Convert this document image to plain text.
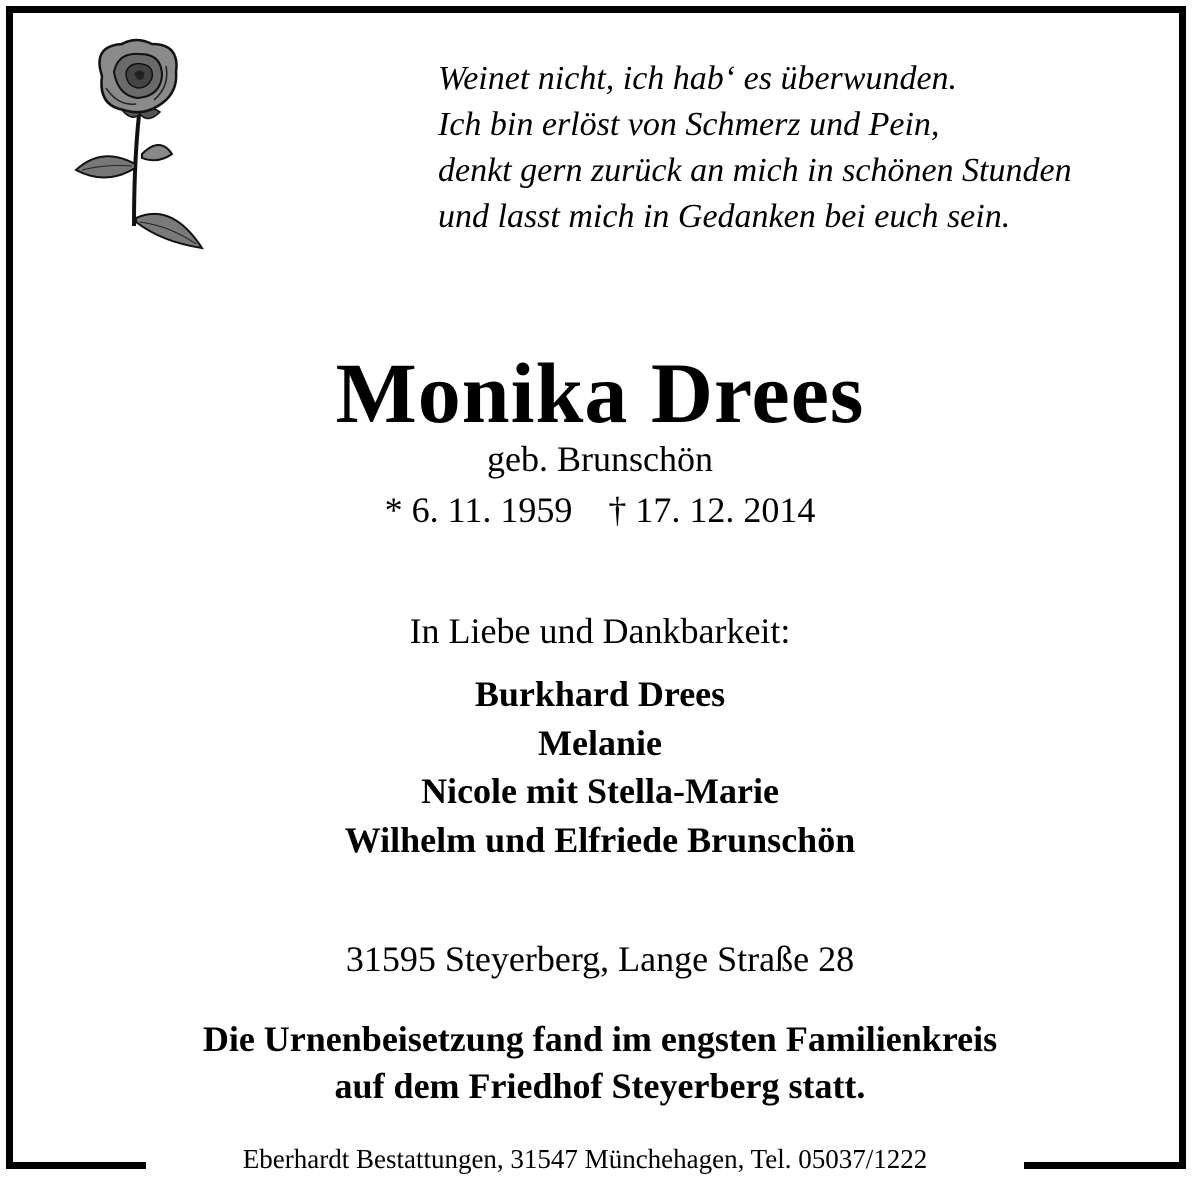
Weinet nicht, ich hab‘ es überwunden.
Ich bin erlöst von Schmerz und Pein,
denkt gern zurück an mich in schönen Stunden
und lasst mich in Gedanken bei euch sein.
Monika Drees
geb. Brunschön
* 6. 11. 1959 † 17. 12. 2014
In Liebe und Dankbarkeit:
Burkhard Drees
Melanie
Nicole mit Stella-Marie
Wilhelm und Elfriede Brunschön
31595 Steyerberg, Lange Straße 28
Die Urnenbeisetzung fand im engsten Familienkreis
auf dem Friedhof Steyerberg statt.
Eberhardt Bestattungen, 31547 Münchehagen, Tel. 05037/1222
